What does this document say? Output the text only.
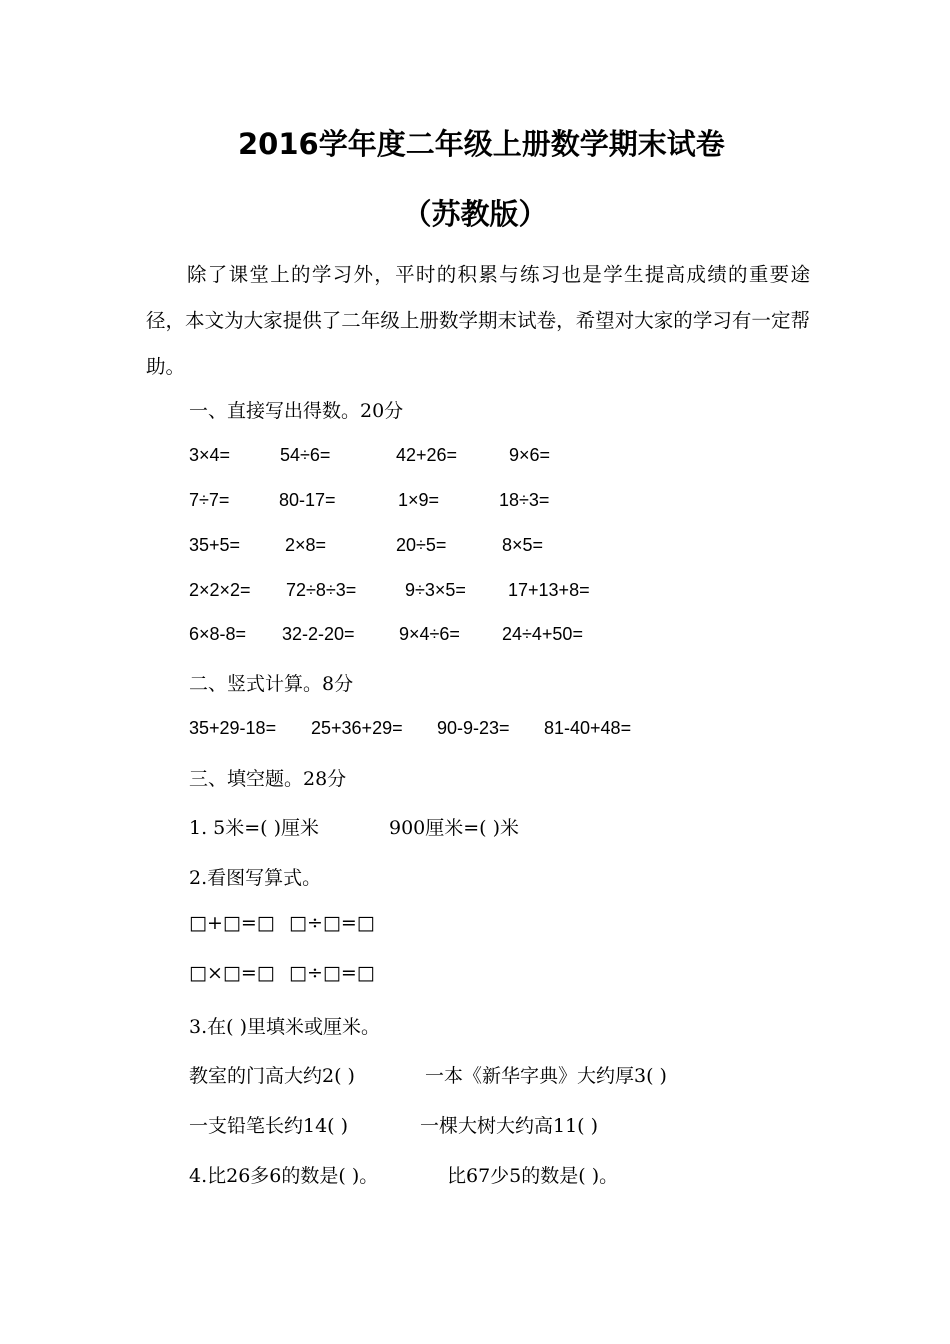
2016学年度二年级上册数学期末试卷
（苏教版）
除了课堂上的学习外，平时的积累与练习也是学生提高成绩的重要途径，本文为大家提供了二年级上册数学期末试卷，希望对大家的学习有一定帮助。
一、直接写出得数。20分
3×4=	54÷6=	42+26=	9×6=
7÷7=	80-17=	1×9=	18÷3=
35+5= 2×8=	20÷5=	8×5=
2×2×2= 72÷8÷3=	9÷3×5= 17+13+8=
6×8-8= 32-2-20= 9×4÷6= 24÷4+50=
二、竖式计算。8分
35+29-18= 25+36+29= 90-9-23= 81-40+48=
三、填空题。28分
1. 5米=( )厘米	900厘米=( )米
2.看图写算式。
□+□=□ □÷□=□
□×□=□ □÷□=□
3.在( )里填米或厘米。
教室的门高大约2( )	一本《新华字典》大约厚3( )
一支铅笔长约14( )	一棵大树大约高11( )
4.比26多6的数是( )。	比67少5的数是( )。
